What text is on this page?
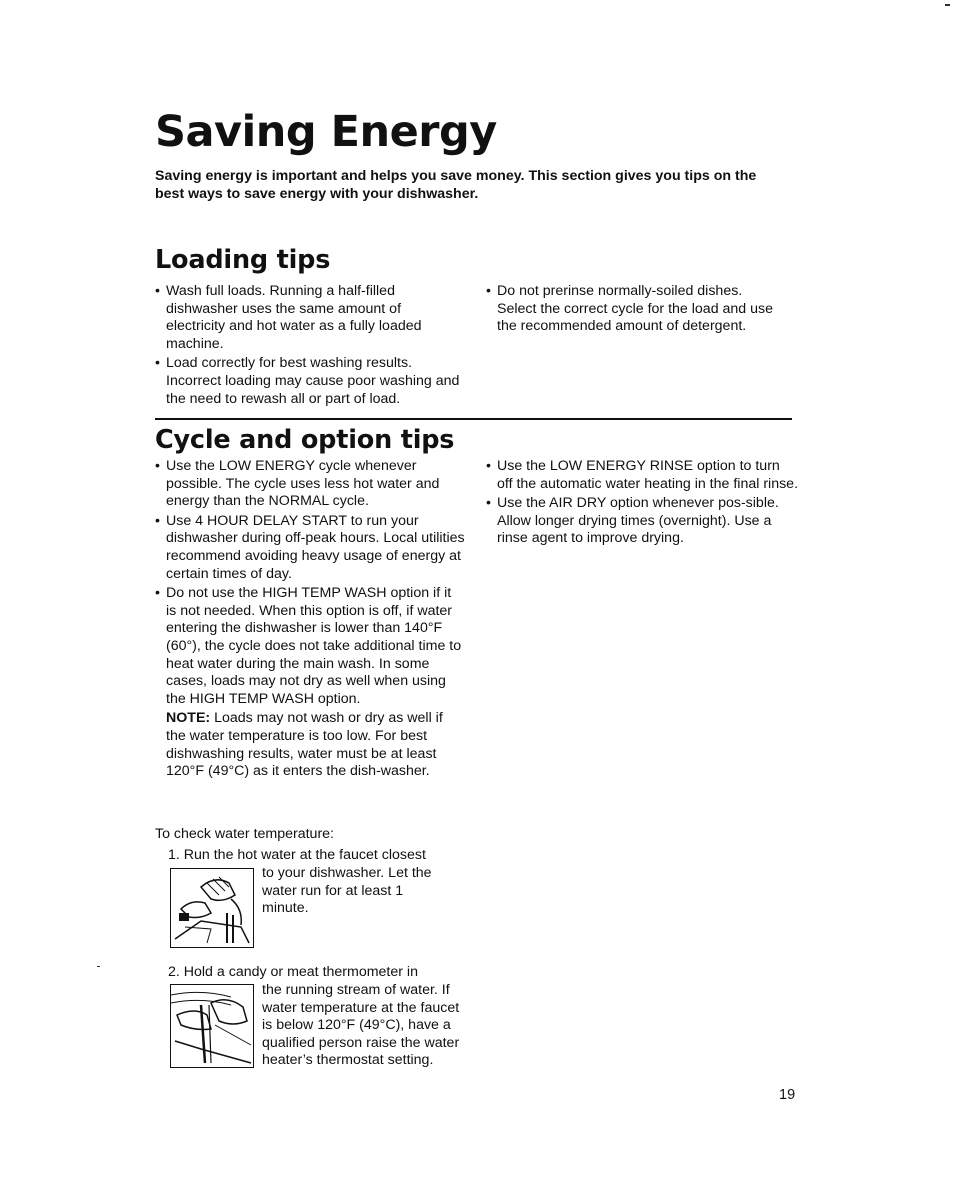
Saving Energy
Saving energy is important and helps you save money. This section gives you tips on the best ways to save energy with your dishwasher.
Loading tips
• Wash full loads. Running a half-filled dishwasher uses the same amount of electricity and hot water as a fully loaded machine.
• Load correctly for best washing results. Incorrect loading may cause poor washing and the need to rewash all or part of load.
• Do not prerinse normally-soiled dishes. Select the correct cycle for the load and use the recommended amount of detergent.
Cycle and option tips
• Use the LOW ENERGY cycle whenever possible. The cycle uses less hot water and energy than the NORMAL cycle.
• Use 4 HOUR DELAY START to run your dishwasher during off-peak hours. Local utilities recommend avoiding heavy usage of energy at certain times of day.
• Do not use the HIGH TEMP WASH option if it is not needed. When this option is off, if water entering the dishwasher is lower than 140°F (60°), the cycle does not take additional time to heat water during the main wash. In some cases, loads may not dry as well when using the HIGH TEMP WASH option.
NOTE: Loads may not wash or dry as well if the water temperature is too low. For best dishwashing results, water must be at least 120°F (49°C) as it enters the dish-washer.
• Use the LOW ENERGY RINSE option to turn off the automatic water heating in the final rinse.
• Use the AIR DRY option whenever pos-sible. Allow longer drying times (overnight). Use a rinse agent to improve drying.
To check water temperature:
1. Run the hot water at the faucet closest
to your dishwasher. Let the water run for at least 1 minute.
2. Hold a candy or meat thermometer in
the running stream of water. If water temperature at the faucet is below 120°F (49°C), have a qualified person raise the water heater’s thermostat setting.
19
